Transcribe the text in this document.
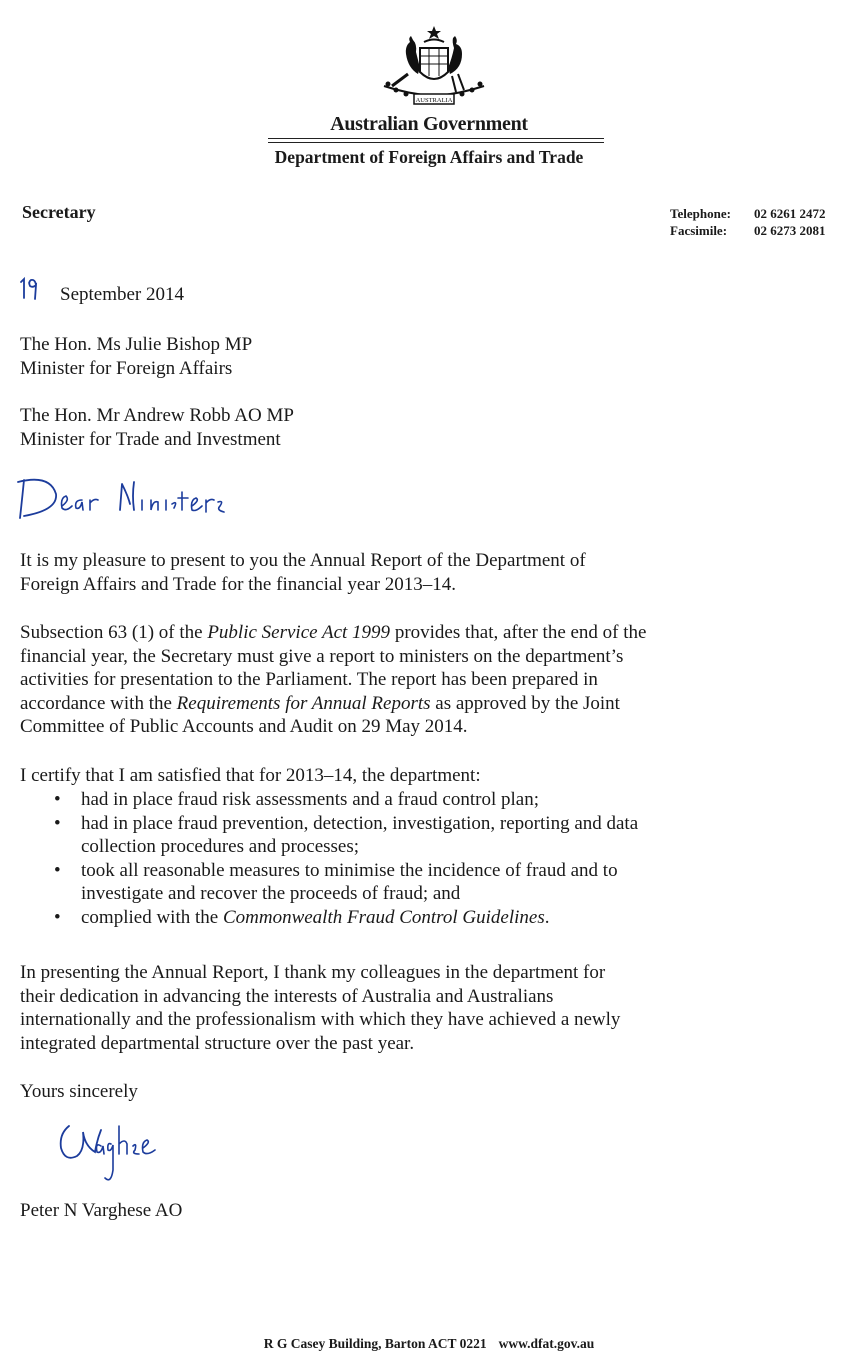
AUSTRALIA
Australian Government
Department of Foreign Affairs and Trade
Secretary	Telephone: 02 6261 2472
Facsimile: 02 6273 2081
September 2014
The Hon. Ms Julie Bishop MP
Minister for Foreign Affairs
The Hon. Mr Andrew Robb AO MP
Minister for Trade and Investment
Dear Ministers
It is my pleasure to present to you the Annual Report of the Department of
Foreign Affairs and Trade for the financial year 2013–14.
Subsection 63 (1) of the Public Service Act 1999 provides that, after the end of the
financial year, the Secretary must give a report to ministers on the department’s
activities for presentation to the Parliament. The report has been prepared in
accordance with the Requirements for Annual Reports as approved by the Joint
Committee of Public Accounts and Audit on 29 May 2014.
I certify that I am satisfied that for 2013–14, the department:
• had in place fraud risk assessments and a fraud control plan;
• had in place fraud prevention, detection, investigation, reporting and data
collection procedures and processes;
• took all reasonable measures to minimise the incidence of fraud and to
investigate and recover the proceeds of fraud; and
• complied with the Commonwealth Fraud Control Guidelines.
In presenting the Annual Report, I thank my colleagues in the department for
their dedication in advancing the interests of Australia and Australians
internationally and the professionalism with which they have achieved a newly
integrated departmental structure over the past year.
Yours sincerely
Varghese
Peter N Varghese AO
R G Casey Building, Barton ACT 0221 www.dfat.gov.au
